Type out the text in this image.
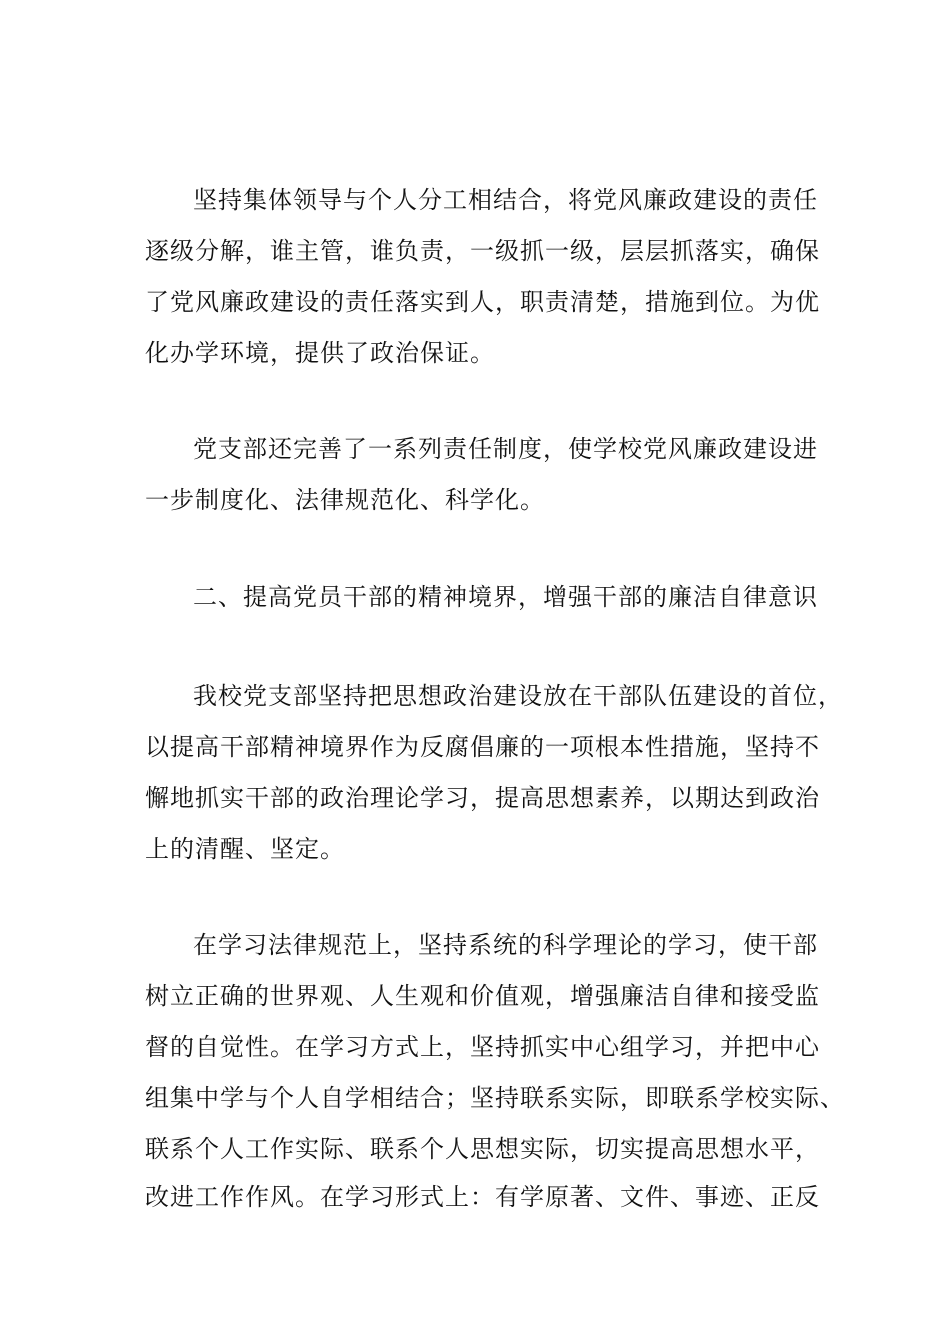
坚持集体领导与个人分工相结合，将党风廉政建设的责任
逐级分解，谁主管，谁负责，一级抓一级，层层抓落实，确保
了党风廉政建设的责任落实到人，职责清楚，措施到位。为优
化办学环境，提供了政治保证。
党支部还完善了一系列责任制度，使学校党风廉政建设进
一步制度化、法律规范化、科学化。
二、提高党员干部的精神境界，增强干部的廉洁自律意识
我校党支部坚持把思想政治建设放在干部队伍建设的首位，
以提高干部精神境界作为反腐倡廉的一项根本性措施，坚持不
懈地抓实干部的政治理论学习，提高思想素养，以期达到政治
上的清醒、坚定。
在学习法律规范上，坚持系统的科学理论的学习，使干部
树立正确的世界观、人生观和价值观，增强廉洁自律和接受监
督的自觉性。在学习方式上，坚持抓实中心组学习，并把中心
组集中学与个人自学相结合；坚持联系实际，即联系学校实际、
联系个人工作实际、联系个人思想实际，切实提高思想水平，
改进工作作风。在学习形式上：有学原著、文件、事迹、正反
